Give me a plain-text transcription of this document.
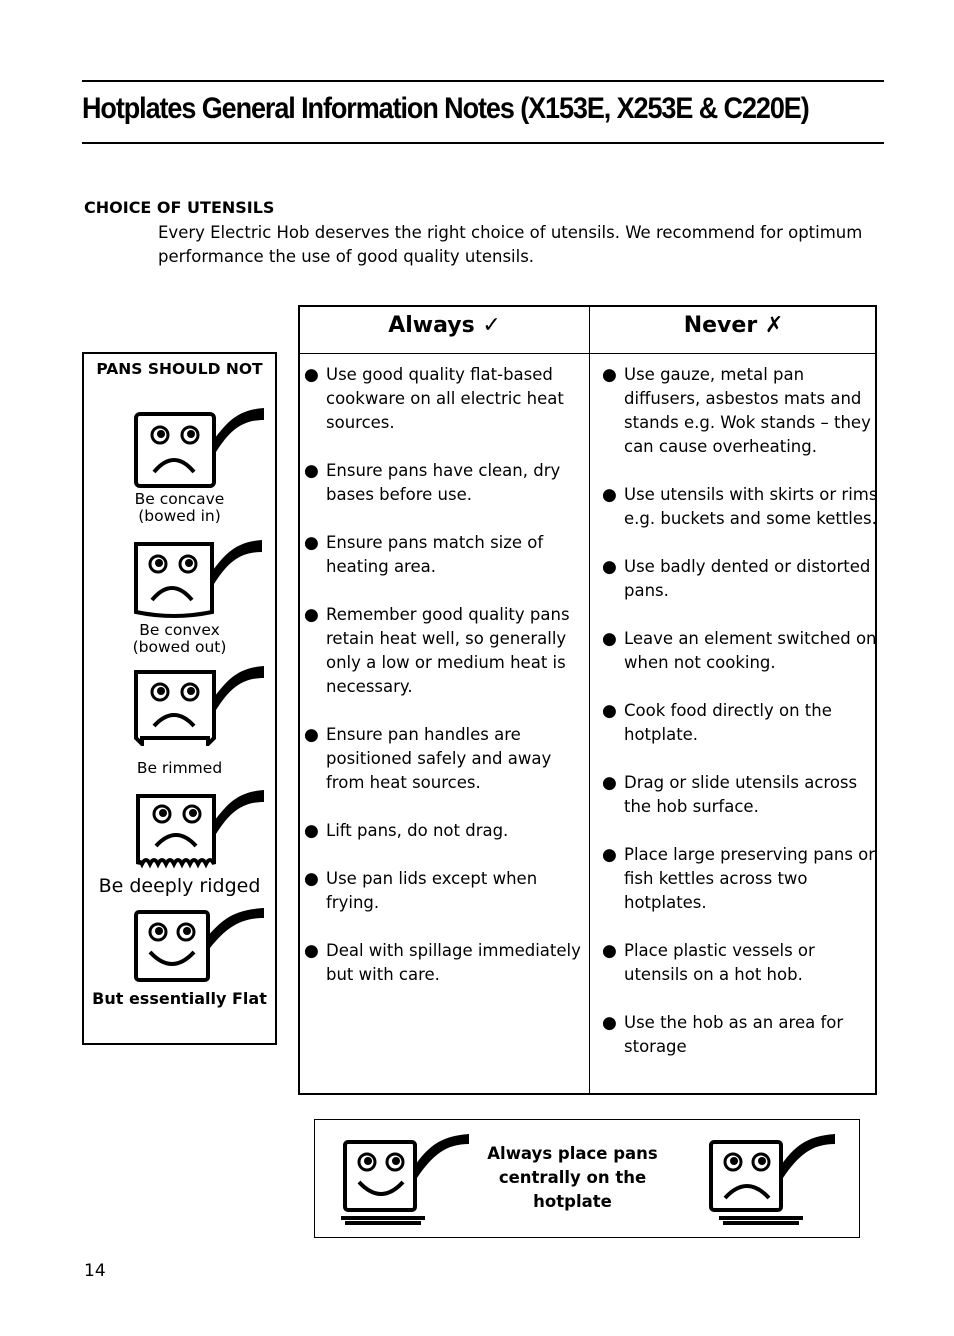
Hotplates General Information Notes (X153E, X253E & C220E)
CHOICE OF UTENSILS
Every Electric Hob deserves the right choice of utensils. We recommend for optimum performance the use of good quality utensils.
PANS SHOULD NOT
Be concave
(bowed in)
Be convex
(bowed out)
Be rimmed
Be deeply ridged
But essentially Flat
Always ✓	Never ✗
● Use good quality flat-based cookware on all electric heat sources.
● Ensure pans have clean, dry bases before use.
● Ensure pans match size of heating area.
● Remember good quality pans retain heat well, so generally only a low or medium heat is necessary.
● Ensure pan handles are positioned safely and away from heat sources.
● Lift pans, do not drag.
● Use pan lids except when frying.
● Deal with spillage immediately but with care.
● Use gauze, metal pan diffusers, asbestos mats and stands e.g. Wok stands – they can cause overheating.
● Use utensils with skirts or rims e.g. buckets and some kettles.
● Use badly dented or distorted pans.
● Leave an element switched on when not cooking.
● Cook food directly on the hotplate.
● Drag or slide utensils across the hob surface.
● Place large preserving pans or fish kettles across two hotplates.
● Place plastic vessels or utensils on a hot hob.
● Use the hob as an area for storage
Always place pans centrally on the hotplate
14
